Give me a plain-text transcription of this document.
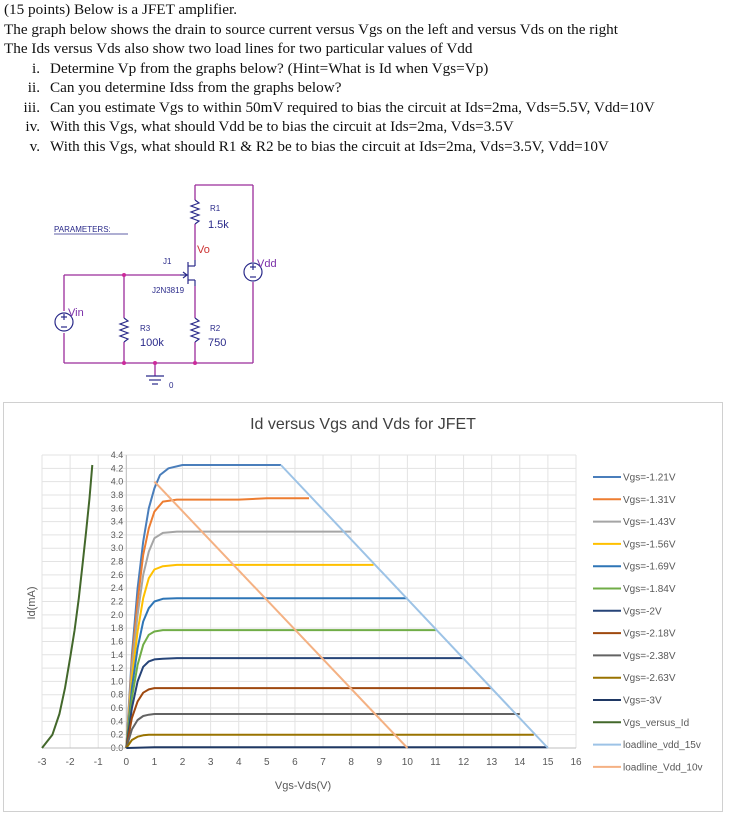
(15 points) Below is a JFET amplifier.
The graph below shows the drain to source current versus Vgs on the left and versus Vds on the right
The Ids versus Vds also show two load lines for two particular values of Vdd
i. Determine Vp from the graphs below? (Hint=What is Id when Vgs=Vp)
ii. Can you determine Idss from the graphs below?
iii. Can you estimate Vgs to within 50mV required to bias the circuit at Ids=2ma, Vds=5.5V, Vdd=10V
iv. With this Vgs, what should Vdd be to bias the circuit at Ids=2ma, Vds=3.5V
v. With this Vgs, what should R1 & R2 be to bias the circuit at Ids=2ma, Vds=3.5V, Vdd=10V
PARAMETERS:
R1
1.5k
J1
J2N3819
Vo
Vdd
Vin
R3
100k
R2
750
0
-3 -2 -1 0 1 2 3 4 5 6 7 8 9 10 11 12 13 14 15 16
0.0
0.2
0.4
0.6
0.8
1.0
1.2
1.4
1.6
1.8
2.0
2.2
2.4
2.6
2.8
3.0
3.2
3.4
3.6
3.8
4.0
4.2
4.4
Vgs=-1.21V
Vgs=-1.31V
Vgs=-1.43V
Vgs=-1.56V
Vgs=-1.69V
Vgs=-1.84V
Vgs=-2V
Vgs=-2.18V
Vgs=-2.38V
Vgs=-2.63V
Vgs=-3V
Vgs_versus_Id
loadline_vdd_15v
loadline_Vdd_10v
Id versus Vgs and Vds for JFET
Vgs-Vds(V)
Id(mA)
